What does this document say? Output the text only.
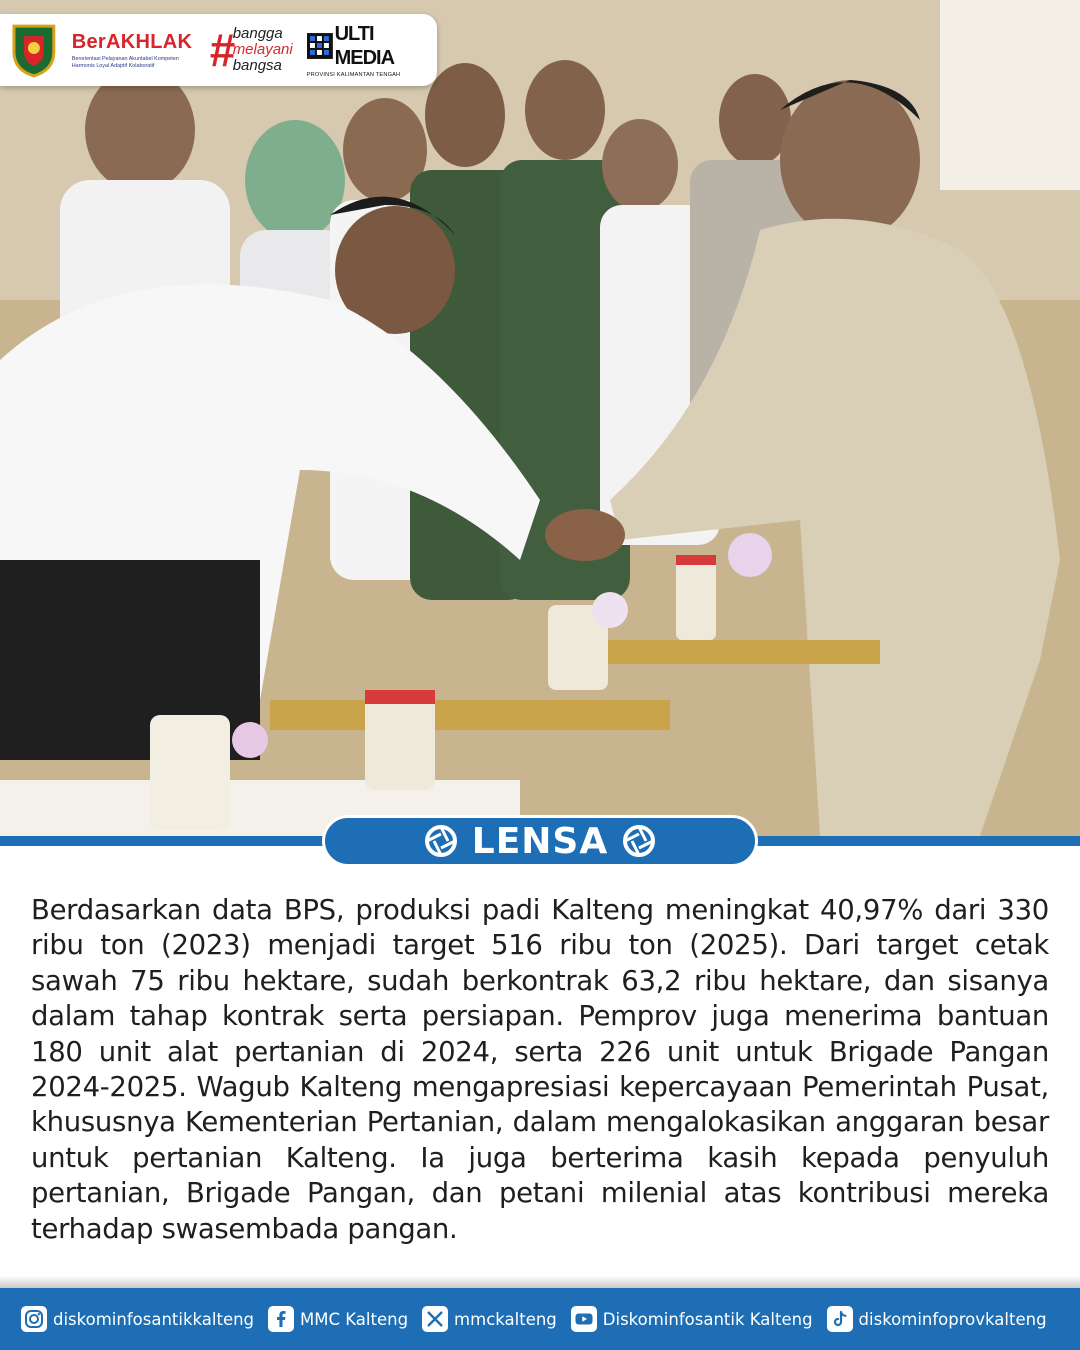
BerAKHLAK
Berorientasi Pelayanan Akuntabel Kompeten
Harmonis Loyal Adaptif Kolaboratif	#
bangga
melayani
bangsa
ULTI MEDIA
PROVINSI KALIMANTAN TENGAH
LENSA
Berdasarkan data BPS, produksi padi Kalteng meningkat 40,97% dari 330 ribu ton (2023) menjadi target 516 ribu ton (2025). Dari target cetak sawah 75 ribu hektare, sudah berkontrak 63,2 ribu hektare, dan sisanya dalam tahap kontrak serta persiapan. Pemprov juga menerima bantuan 180 unit alat pertanian di 2024, serta 226 unit untuk Brigade Pangan 2024-2025. Wagub Kalteng mengapresiasi kepercayaan Pemerintah Pusat, khususnya Kementerian Pertanian, dalam mengalokasikan anggaran besar untuk pertanian Kalteng. Ia juga berterima kasih kepada penyuluh pertanian, Brigade Pangan, dan petani milenial atas kontribusi mereka terhadap swasembada pangan.
diskominfosantikkalteng	MMC Kalteng	mmckalteng	Diskominfosantik Kalteng	diskominfoprovkalteng
